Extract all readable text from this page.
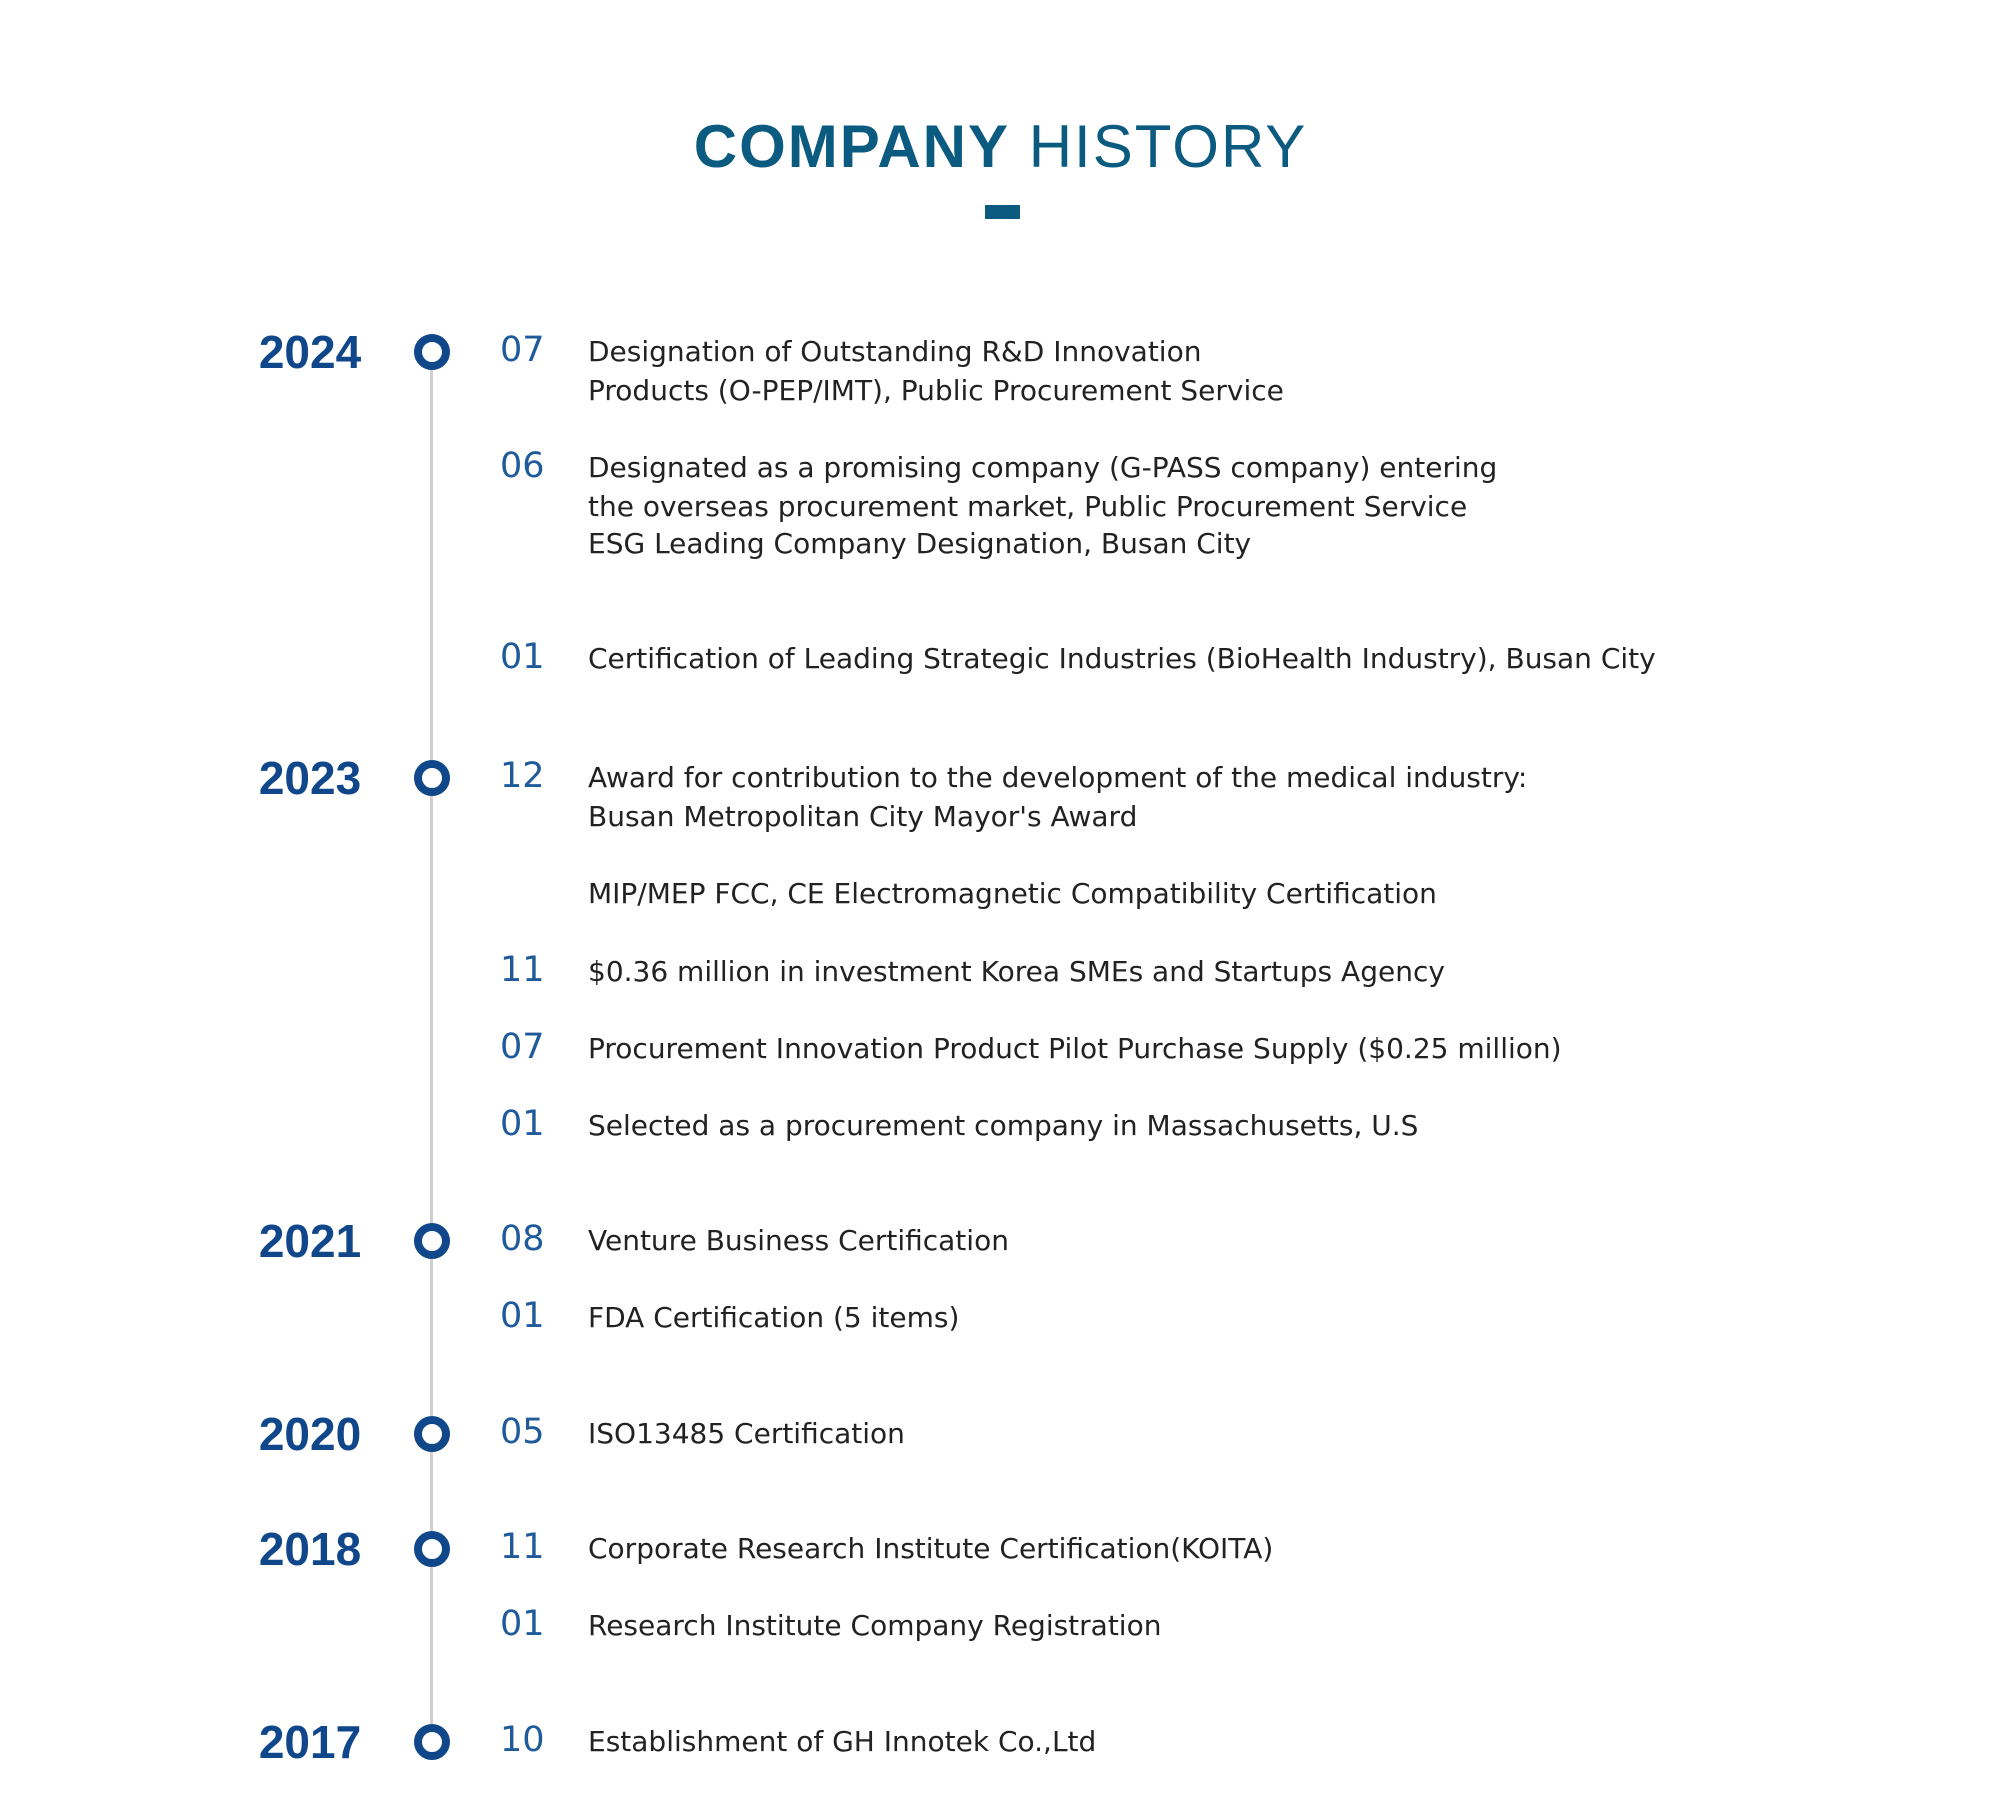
COMPANY HISTORY
2024	07 Designation of Outstanding R&D Innovation
Products (O-PEP/IMT), Public Procurement Service
06 Designated as a promising company (G-PASS company) entering
the overseas procurement market, Public Procurement Service
ESG Leading Company Designation, Busan City
01 Certification of Leading Strategic Industries (BioHealth Industry), Busan City
2023	12 Award for contribution to the development of the medical industry:
Busan Metropolitan City Mayor's Award
MIP/MEP FCC, CE Electromagnetic Compatibility Certification
11 $0.36 million in investment Korea SMEs and Startups Agency
07 Procurement Innovation Product Pilot Purchase Supply ($0.25 million)
01 Selected as a procurement company in Massachusetts, U.S
2021	08 Venture Business Certification
01 FDA Certification (5 items)
2020	05 ISO13485 Certification
2018	11 Corporate Research Institute Certification(KOITA)
01 Research Institute Company Registration
2017	10 Establishment of GH Innotek Co.,Ltd
